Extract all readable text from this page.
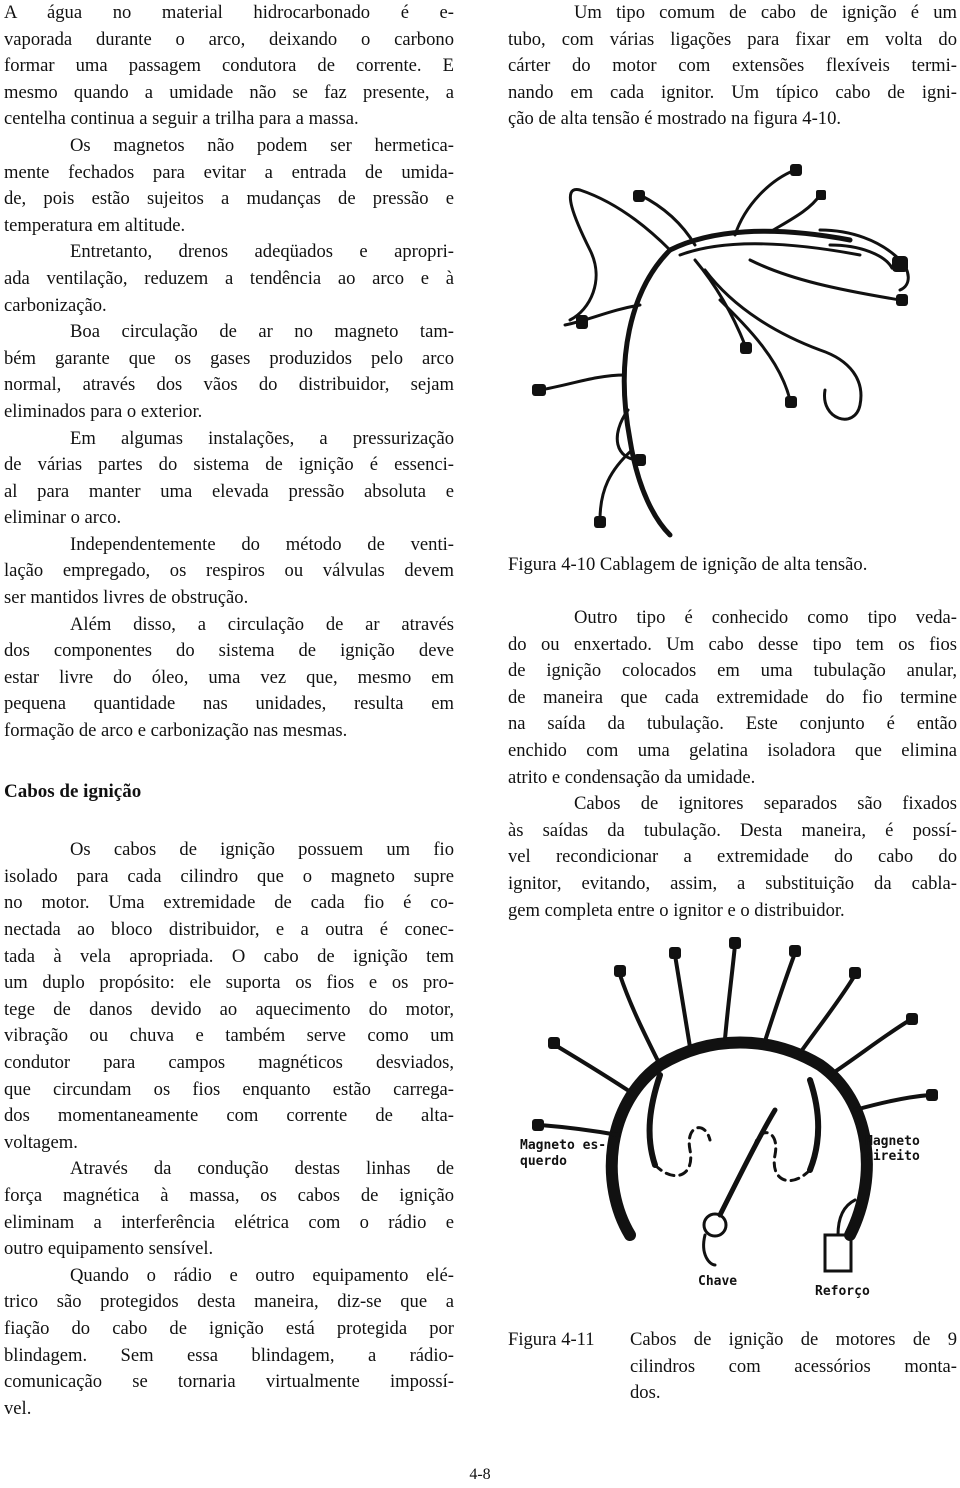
A água no material hidrocarbonado é e-
vaporada durante o arco, deixando o carbono
formar uma passagem condutora de corrente. E
mesmo quando a umidade não se faz presente, a
centelha continua a seguir a trilha para a massa.
Os magnetos não podem ser hermetica-
mente fechados para evitar a entrada de umida-
de, pois estão sujeitos a mudanças de pressão e
temperatura em altitude.
Entretanto, drenos adeqüados e apropri-
ada ventilação, reduzem a tendência ao arco e à
carbonização.
Boa circulação de ar no magneto tam-
bém garante que os gases produzidos pelo arco
normal, através dos vãos do distribuidor, sejam
eliminados para o exterior.
Em algumas instalações, a pressurização
de várias partes do sistema de ignição é essenci-
al para manter uma elevada pressão absoluta e
eliminar o arco.
Independentemente do método de venti-
lação empregado, os respiros ou válvulas devem
ser mantidos livres de obstrução.
Além disso, a circulação de ar através
dos componentes do sistema de ignição deve
estar livre do óleo, uma vez que, mesmo em
pequena quantidade nas unidades, resulta em
formação de arco e carbonização nas mesmas.
Cabos de ignição
Os cabos de ignição possuem um fio
isolado para cada cilindro que o magneto supre
no motor. Uma extremidade de cada fio é co-
nectada ao bloco distribuidor, e a outra é conec-
tada à vela apropriada. O cabo de ignição tem
um duplo propósito: ele suporta os fios e os pro-
tege de danos devido ao aquecimento do motor,
vibração ou chuva e também serve como um
condutor para campos magnéticos desviados,
que circundam os fios enquanto estão carrega-
dos momentaneamente com corrente de alta-
voltagem.
Através da condução destas linhas de
força magnética à massa, os cabos de ignição
eliminam a interferência elétrica com o rádio e
outro equipamento sensível.
Quando o rádio e outro equipamento elé-
trico são protegidos desta maneira, diz-se que a
fiação do cabo de ignição está protegida por
blindagem. Sem essa blindagem, a rádio-
comunicação se tornaria virtualmente impossí-
vel.
Um tipo comum de cabo de ignição é um
tubo, com várias ligações para fixar em volta do
cárter do motor com extensões flexíveis termi-
nando em cada ignitor. Um típico cabo de igni-
ção de alta tensão é mostrado na figura 4-10.
Figura 4-10 Cablagem de ignição de alta tensão.
Outro tipo é conhecido como tipo veda-
do ou enxertado. Um cabo desse tipo tem os fios
de ignição colocados em uma tubulação anular,
de maneira que cada extremidade do fio termine
na saída da tubulação. Este conjunto é então
enchido com uma gelatina isoladora que elimina
atrito e condensação da umidade.
Cabos de ignitores separados são fixados
às saídas da tubulação. Desta maneira, é possí-
vel recondicionar a extremidade do cabo do
ignitor, evitando, assim, a substituição da cabla-
gem completa entre o ignitor e o distribuidor.
Magneto es-
querdo
Magneto
direito
Chave
Reforço
Figura 4-11	Cabos de ignição de motores de 9
cilindros com acessórios monta-
dos.
4-8
